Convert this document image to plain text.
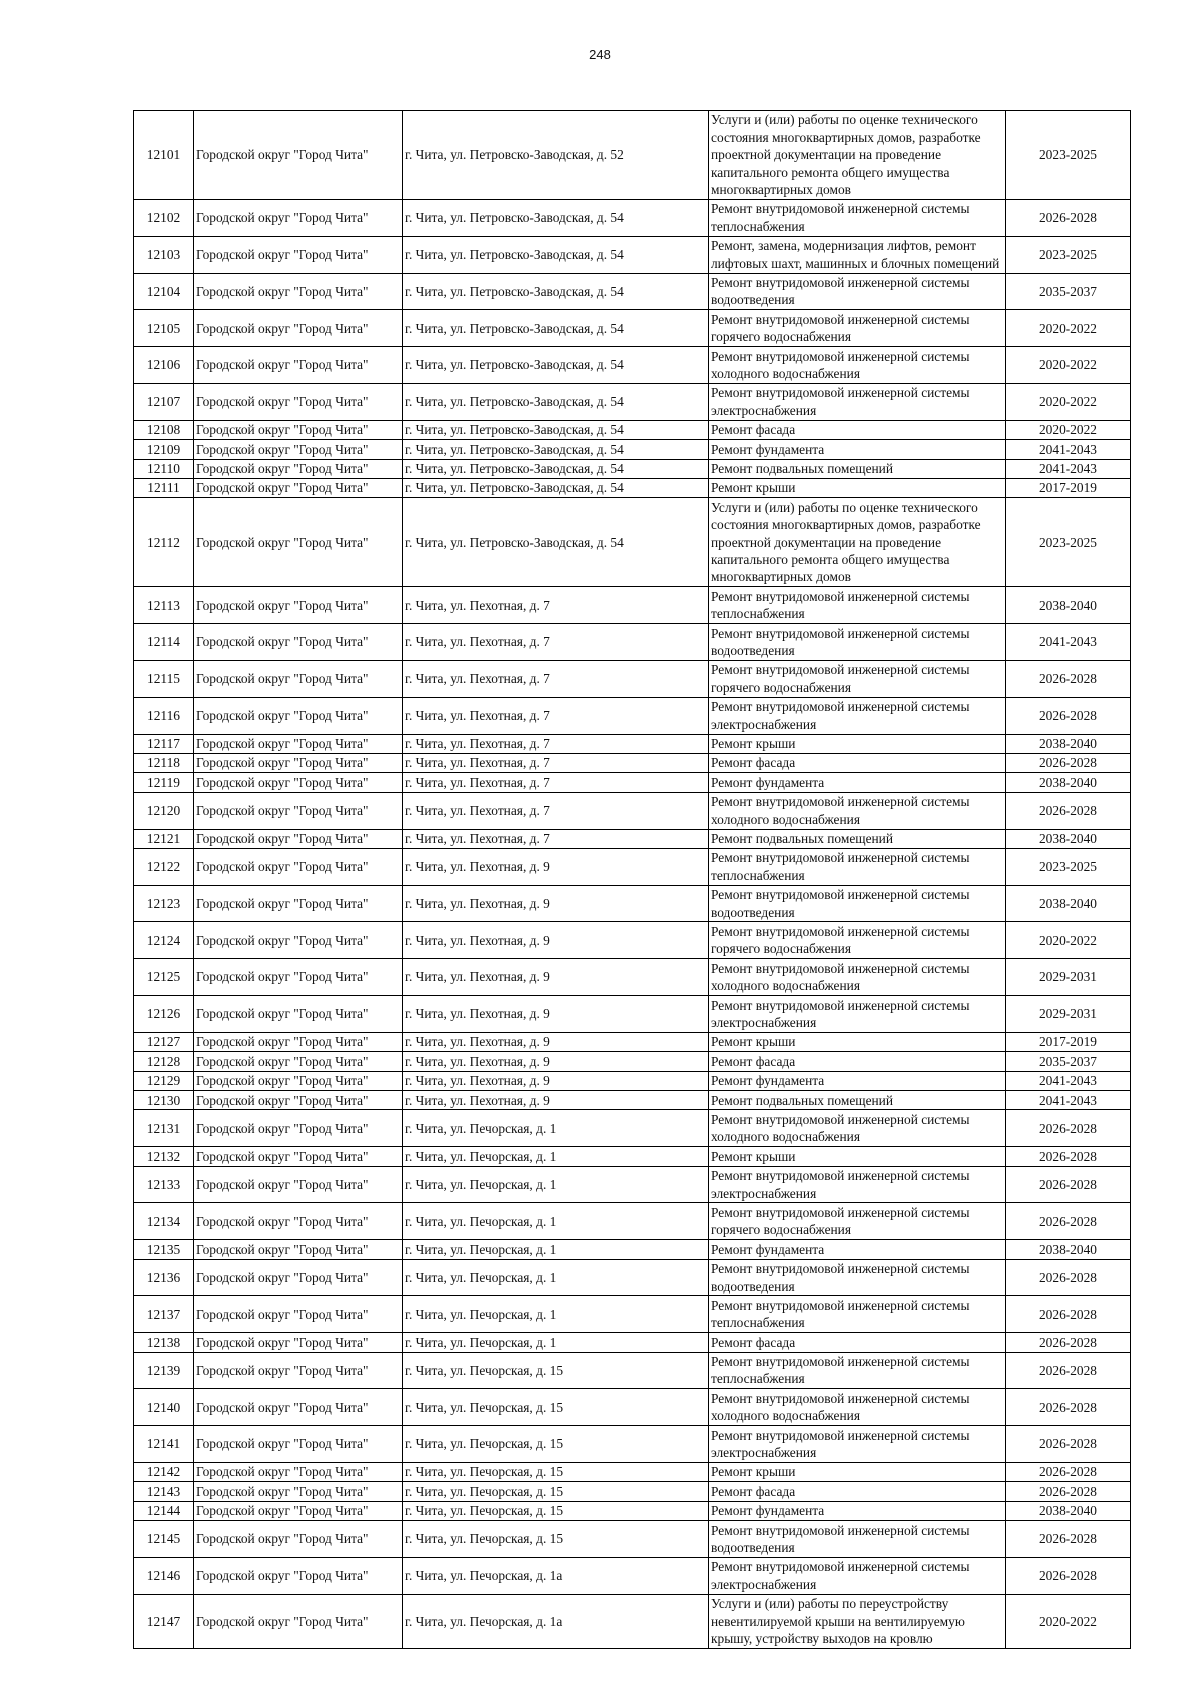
248
12101	Городской округ "Город Чита"	г. Чита, ул. Петровско-Заводская, д. 52	Услуги и (или) работы по оценке технического
состояния многоквартирных домов, разработке
проектной документации на проведение
капитального ремонта общего имущества
многоквартирных домов	2023-2025
12102	Городской округ "Город Чита"	г. Чита, ул. Петровско-Заводская, д. 54	Ремонт внутридомовой инженерной системы
теплоснабжения	2026-2028
12103	Городской округ "Город Чита"	г. Чита, ул. Петровско-Заводская, д. 54	Ремонт, замена, модернизация лифтов, ремонт
лифтовых шахт, машинных и блочных помещений	2023-2025
12104	Городской округ "Город Чита"	г. Чита, ул. Петровско-Заводская, д. 54	Ремонт внутридомовой инженерной системы
водоотведения	2035-2037
12105	Городской округ "Город Чита"	г. Чита, ул. Петровско-Заводская, д. 54	Ремонт внутридомовой инженерной системы
горячего водоснабжения	2020-2022
12106	Городской округ "Город Чита"	г. Чита, ул. Петровско-Заводская, д. 54	Ремонт внутридомовой инженерной системы
холодного водоснабжения	2020-2022
12107	Городской округ "Город Чита"	г. Чита, ул. Петровско-Заводская, д. 54	Ремонт внутридомовой инженерной системы
электроснабжения	2020-2022
12108	Городской округ "Город Чита"	г. Чита, ул. Петровско-Заводская, д. 54	Ремонт фасада	2020-2022
12109	Городской округ "Город Чита"	г. Чита, ул. Петровско-Заводская, д. 54	Ремонт фундамента	2041-2043
12110	Городской округ "Город Чита"	г. Чита, ул. Петровско-Заводская, д. 54	Ремонт подвальных помещений	2041-2043
12111	Городской округ "Город Чита"	г. Чита, ул. Петровско-Заводская, д. 54	Ремонт крыши	2017-2019
12112	Городской округ "Город Чита"	г. Чита, ул. Петровско-Заводская, д. 54	Услуги и (или) работы по оценке технического
состояния многоквартирных домов, разработке
проектной документации на проведение
капитального ремонта общего имущества
многоквартирных домов	2023-2025
12113	Городской округ "Город Чита"	г. Чита, ул. Пехотная, д. 7	Ремонт внутридомовой инженерной системы
теплоснабжения	2038-2040
12114	Городской округ "Город Чита"	г. Чита, ул. Пехотная, д. 7	Ремонт внутридомовой инженерной системы
водоотведения	2041-2043
12115	Городской округ "Город Чита"	г. Чита, ул. Пехотная, д. 7	Ремонт внутридомовой инженерной системы
горячего водоснабжения	2026-2028
12116	Городской округ "Город Чита"	г. Чита, ул. Пехотная, д. 7	Ремонт внутридомовой инженерной системы
электроснабжения	2026-2028
12117	Городской округ "Город Чита"	г. Чита, ул. Пехотная, д. 7	Ремонт крыши	2038-2040
12118	Городской округ "Город Чита"	г. Чита, ул. Пехотная, д. 7	Ремонт фасада	2026-2028
12119	Городской округ "Город Чита"	г. Чита, ул. Пехотная, д. 7	Ремонт фундамента	2038-2040
12120	Городской округ "Город Чита"	г. Чита, ул. Пехотная, д. 7	Ремонт внутридомовой инженерной системы
холодного водоснабжения	2026-2028
12121	Городской округ "Город Чита"	г. Чита, ул. Пехотная, д. 7	Ремонт подвальных помещений	2038-2040
12122	Городской округ "Город Чита"	г. Чита, ул. Пехотная, д. 9	Ремонт внутридомовой инженерной системы
теплоснабжения	2023-2025
12123	Городской округ "Город Чита"	г. Чита, ул. Пехотная, д. 9	Ремонт внутридомовой инженерной системы
водоотведения	2038-2040
12124	Городской округ "Город Чита"	г. Чита, ул. Пехотная, д. 9	Ремонт внутридомовой инженерной системы
горячего водоснабжения	2020-2022
12125	Городской округ "Город Чита"	г. Чита, ул. Пехотная, д. 9	Ремонт внутридомовой инженерной системы
холодного водоснабжения	2029-2031
12126	Городской округ "Город Чита"	г. Чита, ул. Пехотная, д. 9	Ремонт внутридомовой инженерной системы
электроснабжения	2029-2031
12127	Городской округ "Город Чита"	г. Чита, ул. Пехотная, д. 9	Ремонт крыши	2017-2019
12128	Городской округ "Город Чита"	г. Чита, ул. Пехотная, д. 9	Ремонт фасада	2035-2037
12129	Городской округ "Город Чита"	г. Чита, ул. Пехотная, д. 9	Ремонт фундамента	2041-2043
12130	Городской округ "Город Чита"	г. Чита, ул. Пехотная, д. 9	Ремонт подвальных помещений	2041-2043
12131	Городской округ "Город Чита"	г. Чита, ул. Печорская, д. 1	Ремонт внутридомовой инженерной системы
холодного водоснабжения	2026-2028
12132	Городской округ "Город Чита"	г. Чита, ул. Печорская, д. 1	Ремонт крыши	2026-2028
12133	Городской округ "Город Чита"	г. Чита, ул. Печорская, д. 1	Ремонт внутридомовой инженерной системы
электроснабжения	2026-2028
12134	Городской округ "Город Чита"	г. Чита, ул. Печорская, д. 1	Ремонт внутридомовой инженерной системы
горячего водоснабжения	2026-2028
12135	Городской округ "Город Чита"	г. Чита, ул. Печорская, д. 1	Ремонт фундамента	2038-2040
12136	Городской округ "Город Чита"	г. Чита, ул. Печорская, д. 1	Ремонт внутридомовой инженерной системы
водоотведения	2026-2028
12137	Городской округ "Город Чита"	г. Чита, ул. Печорская, д. 1	Ремонт внутридомовой инженерной системы
теплоснабжения	2026-2028
12138	Городской округ "Город Чита"	г. Чита, ул. Печорская, д. 1	Ремонт фасада	2026-2028
12139	Городской округ "Город Чита"	г. Чита, ул. Печорская, д. 15	Ремонт внутридомовой инженерной системы
теплоснабжения	2026-2028
12140	Городской округ "Город Чита"	г. Чита, ул. Печорская, д. 15	Ремонт внутридомовой инженерной системы
холодного водоснабжения	2026-2028
12141	Городской округ "Город Чита"	г. Чита, ул. Печорская, д. 15	Ремонт внутридомовой инженерной системы
электроснабжения	2026-2028
12142	Городской округ "Город Чита"	г. Чита, ул. Печорская, д. 15	Ремонт крыши	2026-2028
12143	Городской округ "Город Чита"	г. Чита, ул. Печорская, д. 15	Ремонт фасада	2026-2028
12144	Городской округ "Город Чита"	г. Чита, ул. Печорская, д. 15	Ремонт фундамента	2038-2040
12145	Городской округ "Город Чита"	г. Чита, ул. Печорская, д. 15	Ремонт внутридомовой инженерной системы
водоотведения	2026-2028
12146	Городской округ "Город Чита"	г. Чита, ул. Печорская, д. 1а	Ремонт внутридомовой инженерной системы
электроснабжения	2026-2028
12147	Городской округ "Город Чита"	г. Чита, ул. Печорская, д. 1а	Услуги и (или) работы по переустройству
невентилируемой крыши на вентилируемую
крышу, устройству выходов на кровлю	2020-2022
